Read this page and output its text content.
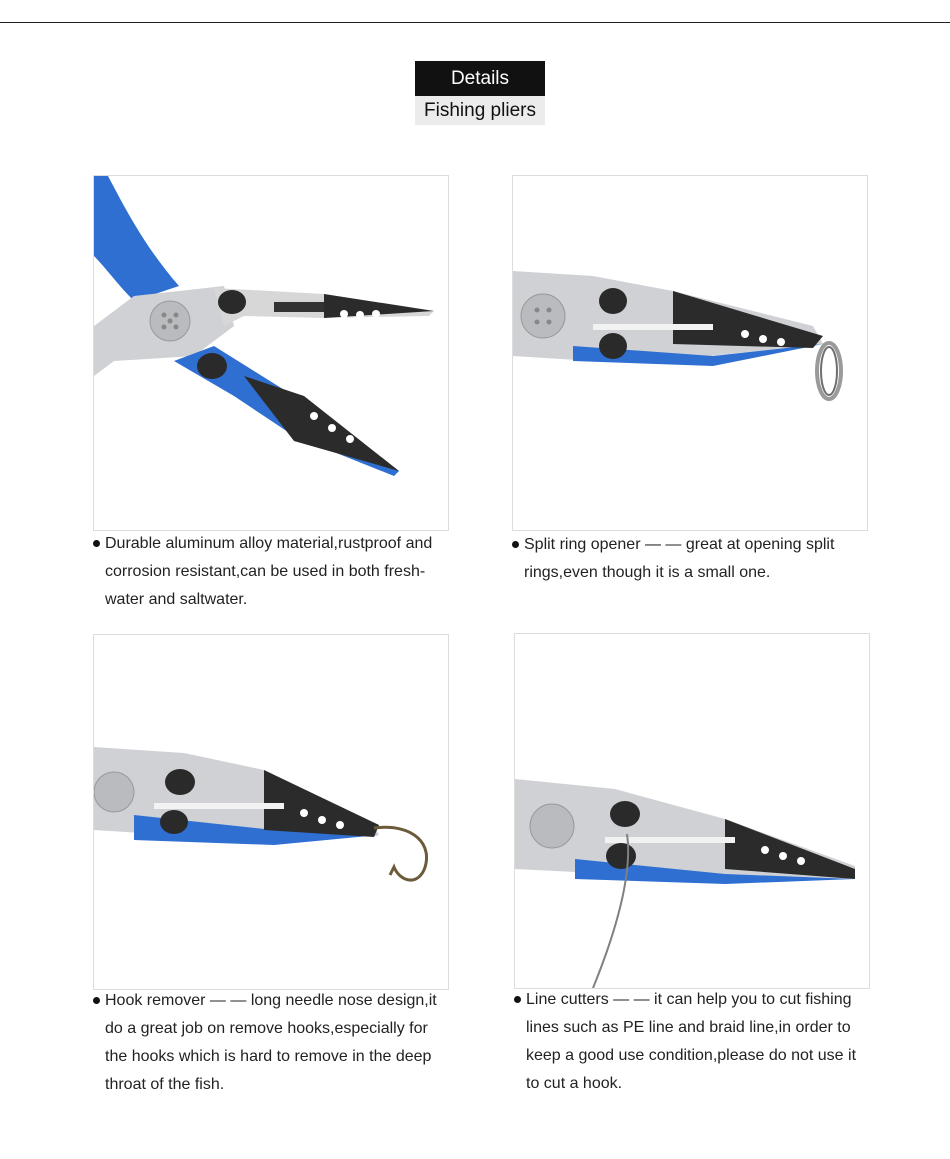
Details
Fishing pliers
Durable aluminum alloy material,rustproof and corrosion resistant,can be used in both fresh-water and saltwater.
Split ring opener — — great at opening split rings,even though it is a small one.
Hook remover — — long needle nose design,it do a great job on remove hooks,especially for the hooks which is hard to remove in the deep throat of the fish.
Line cutters — — it can help you to cut fishing lines such as PE line and braid line,in order to keep a good use condition,please do not use it to cut a hook.
